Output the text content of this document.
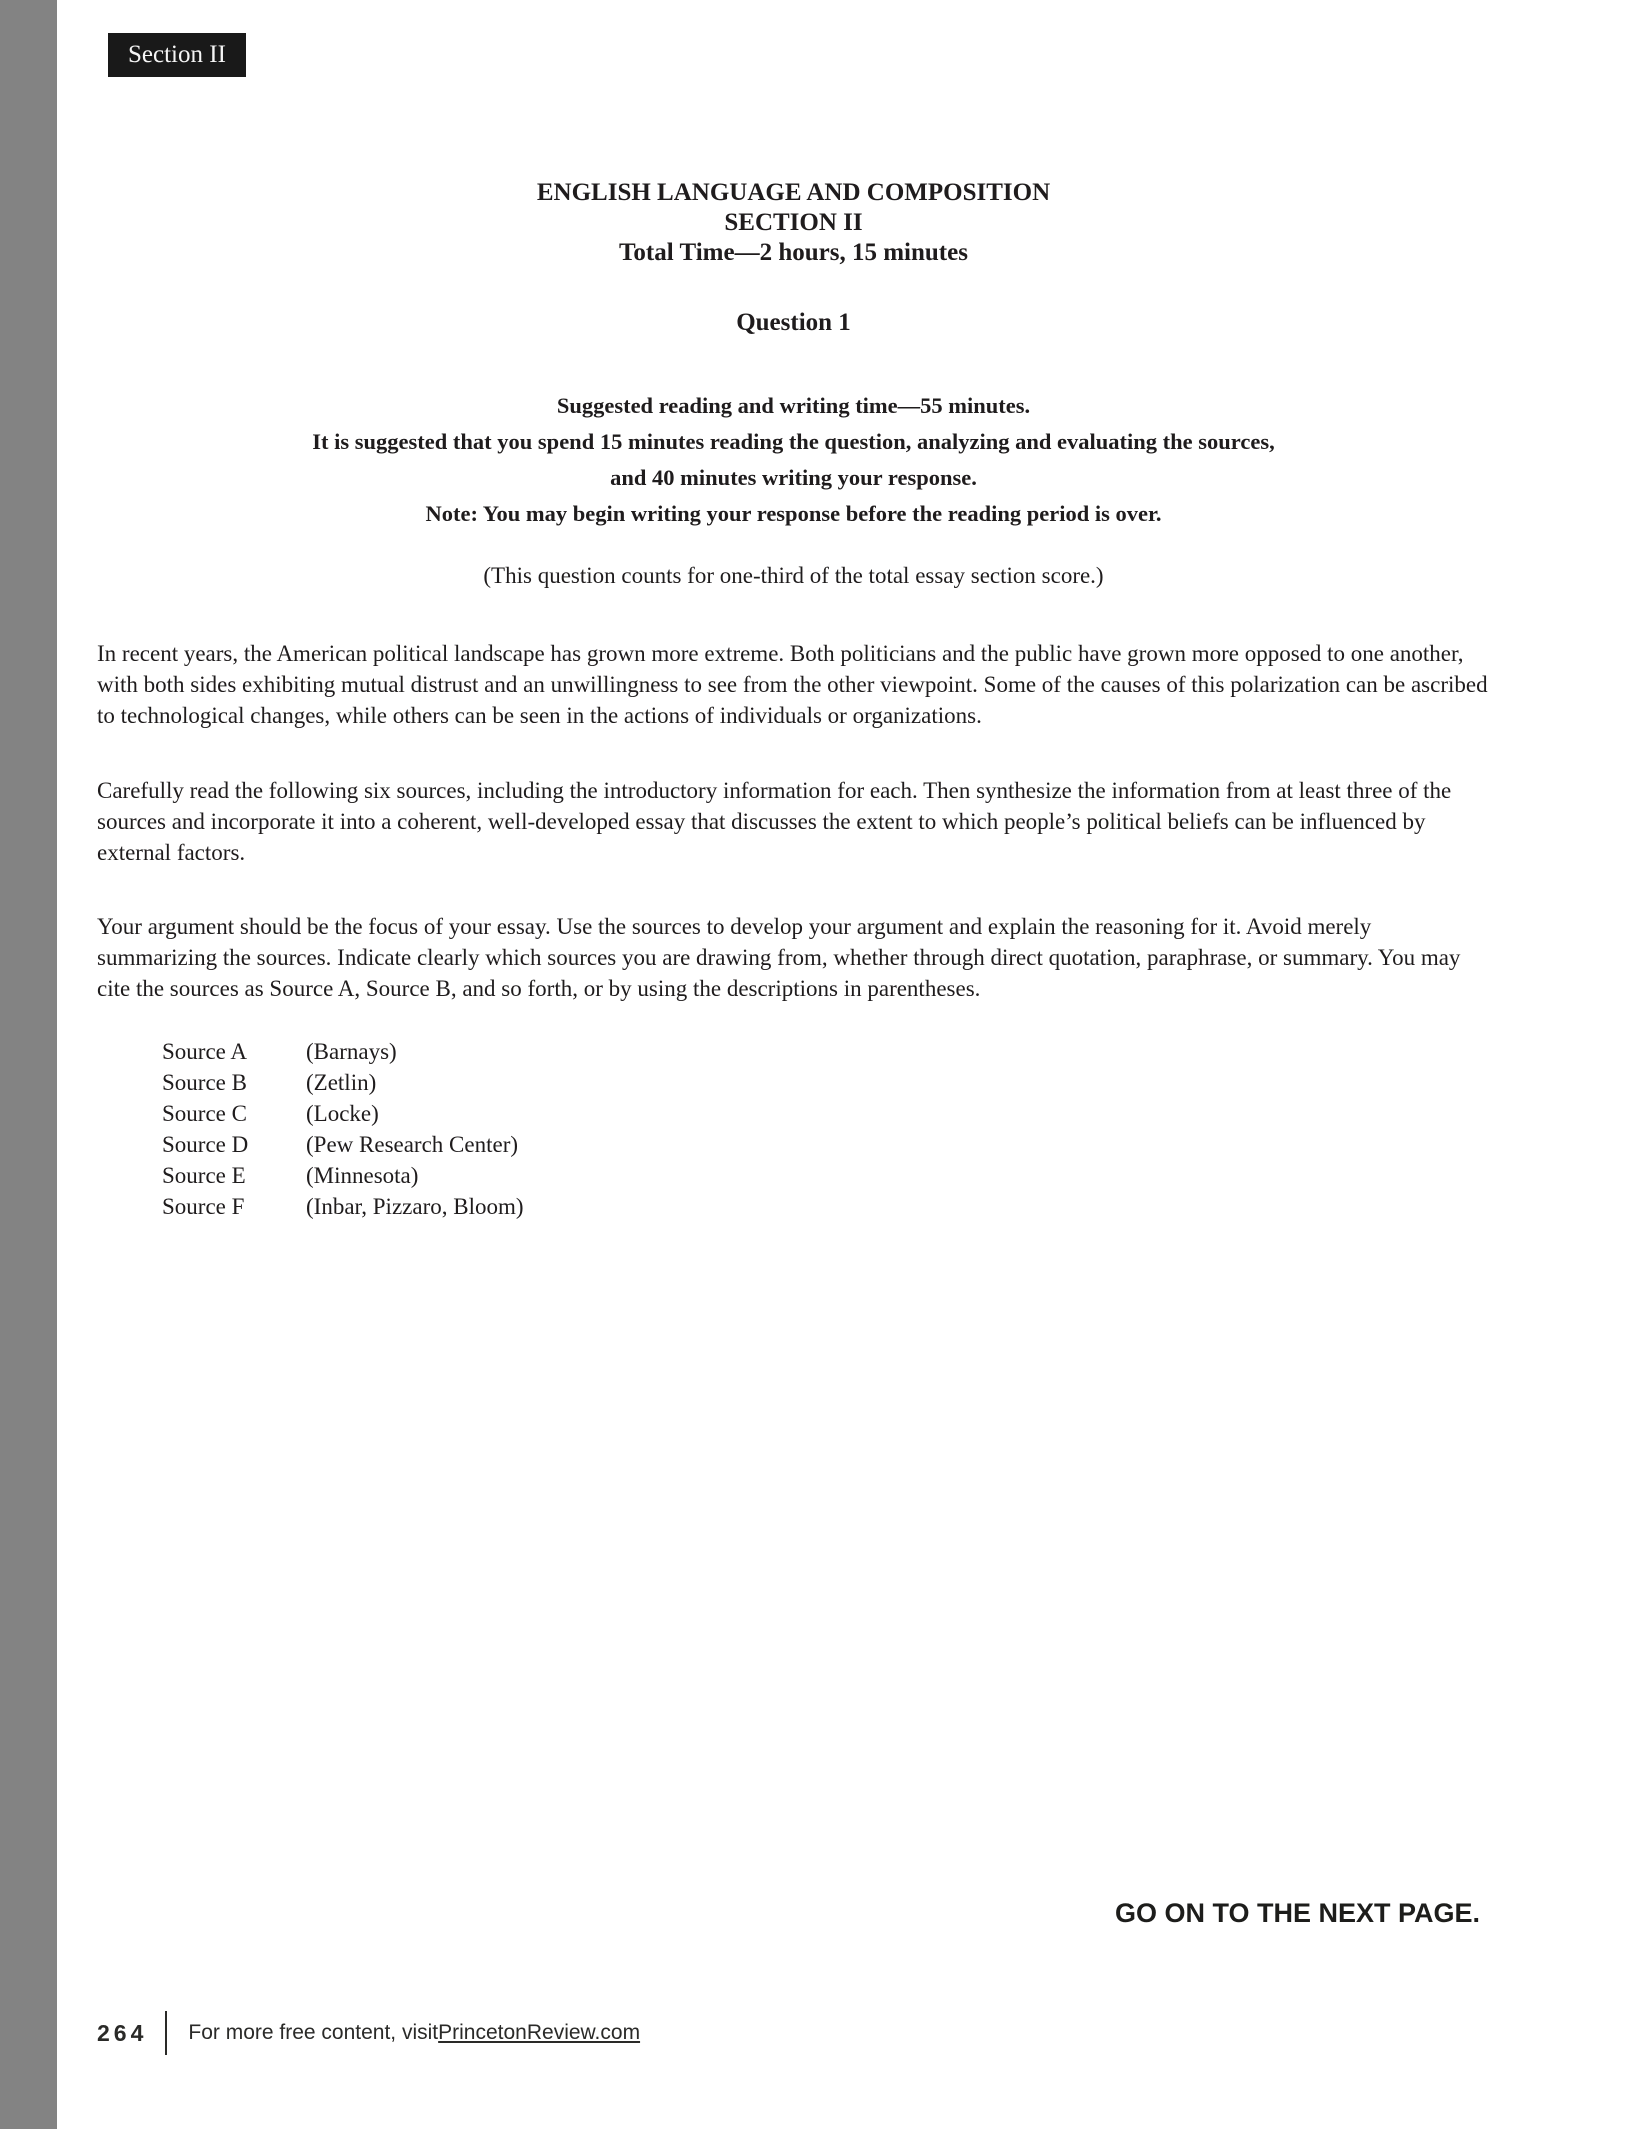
Section II
ENGLISH LANGUAGE AND COMPOSITION
SECTION II
Total Time—2 hours, 15 minutes
Question 1
Suggested reading and writing time—55 minutes.
It is suggested that you spend 15 minutes reading the question, analyzing and evaluating the sources,
and 40 minutes writing your response.
Note: You may begin writing your response before the reading period is over.
(This question counts for one-third of the total essay section score.)

In recent years, the American political landscape has grown more extreme. Both politicians and the public have grown more opposed to one another, with both sides exhibiting mutual distrust and an unwillingness to see from the other viewpoint. Some of the causes of this polarization can be ascribed to technological changes, while others can be seen in the actions of individuals or organizations.

Carefully read the following six sources, including the introductory information for each. Then synthesize the information from at least three of the sources and incorporate it into a coherent, well-developed essay that discusses the extent to which people’s political beliefs can be influenced by external factors.

Your argument should be the focus of your essay. Use the sources to develop your argument and explain the reasoning for it. Avoid merely summarizing the sources. Indicate clearly which sources you are drawing from, whether through direct quotation, paraphrase, or summary. You may cite the sources as Source A, Source B, and so forth, or by using the descriptions in parentheses.

Source A	(Barnays)
Source B	(Zetlin)
Source C	(Locke)
Source D	(Pew Research Center)
Source E	(Minnesota)
Source F	(Inbar, Pizzaro, Bloom)
GO ON TO THE NEXT PAGE.
264 For more free content, visit PrincetonReview.com
